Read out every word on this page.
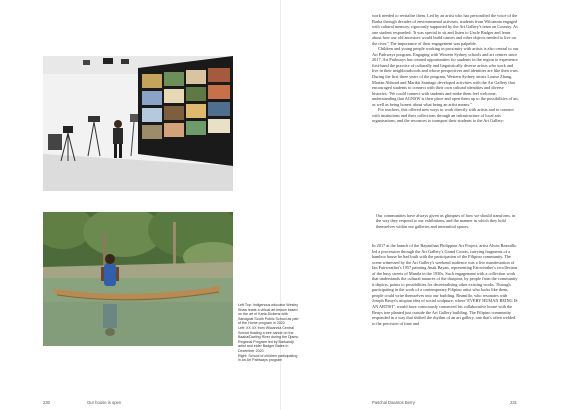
Left Top: Indigenous educator Wesley Shaw leads a virtual art lesson based on the art of Karla Dickens with Sandgoat South Public School as part of the Home program in 2020
Left: XX XX from Wilcannia Central School floating a tree canoe on the Baaka/Darling River during the Djamu Regional Program led by Barkandji artist and elder Badger Bates in December 2020
Right: School of children participating in an Art Pathways program

work needed to revitalise them. Led by an artist who has personified the voice of the Barka through decades of environmental activism, students from Wilcannia engaged with cultural memory, rigorously supported by the Art Gallery's team on Country. As one student responded: 'It was special to sit and listen to Uncle Badger and learn about how our old ancestors would build canoes and other objects needed to live on the river.'' The importance of their engagement was palpable.

Children and young people working in proximity with artists is also central to our Art Pathways program. Engaging with Western Sydney schools and art centres since 2017, Art Pathways has created opportunities for students in the region to experience first-hand the practice of culturally and linguistically diverse artists who work and live in their neighbourhoods and whose perspectives and identities are like their own. During the first three years of the program, Western Sydney artists Louise Zhang, Marian Abboud and Marikit Santiago developed activities with the Art Gallery that encouraged students to connect with their own cultural identities and diverse histories: 'We could connect with students and make them feel welcome, understanding that AGNSW is their place and open them up to the possibilities of art, as well as being honest about what being an artist means.''

For teachers, this offered new ways to work directly with artists and to connect with institutions and their collections through an infrastructure of local arts organisations, and the resources to transport their students to the Art Gallery:

Our communities have always given us glimpses of how we should transform, in the way they respond to our exhibitions, and the manner in which they hold themselves within our galleries and intermittal spaces.

In 2017 at the launch of the Bayanihan Philippine Art Project, artist Alwin Reamillo led a procession through the Art Gallery's Grand Courts, carrying fragments of a bamboo house he had built with the participation of the Filipino community. The scene witnessed by the Art Gallery's weekend audience was a live manifestation of Ian Fairweather's 1957 painting Anak Bayan, representing Fairweather's recollection of the busy streets of Manila in the 1930s. Such engagement with a collection work that understands the cultural nuances of the diaspora, by people from the community it depicts, points to possibilities for decentralising other existing works. Through participating in the work of a contemporary Filipino artist who looks like them, people could write themselves into our building. Reamillo, who resonates with Joseph Beuys's utopian idea of social sculpture, where 'EVERY HUMAN BEING IS AN ARTIST', would have consciously connected his collaborative house with the Beuys tree planted just outside the Art Gallery building. The Filipino community responded in a way that shifted the rhythm of an art gallery, one that's often welded to the precision of time and

230	Our house is open	Paschal Daantos Berry	231
